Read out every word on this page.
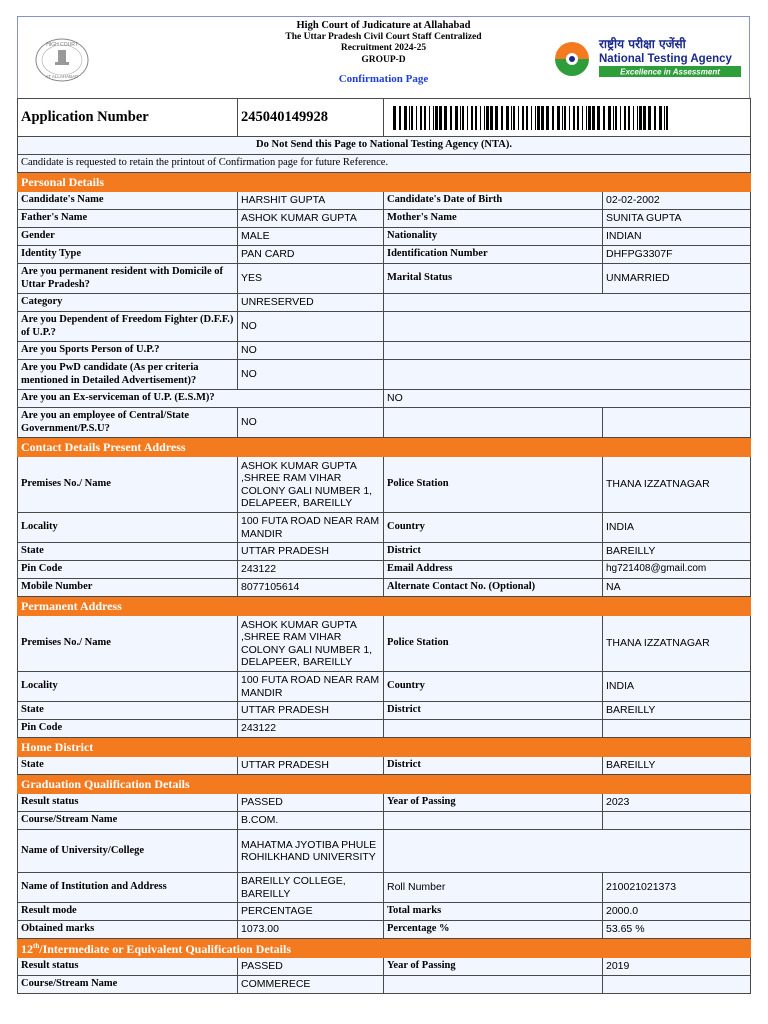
HIGH COURT
AT ALLAHABAD
High Court of Judicature at Allahabad
The Uttar Pradesh Civil Court Staff Centralized
Recruitment 2024-25
GROUP-D
Confirmation Page
राष्ट्रीय परीक्षा एजेंसी
National Testing Agency
Excellence in Assessment
Application Number	245040149928	

Do Not Send this Page to National Testing Agency (NTA).			
Candidate is requested to retain the printout of Confirmation page for future Reference.			
Personal Details			
Candidate's Name	HARSHIT GUPTA	Candidate's Date of Birth	02-02-2002
Father's Name	ASHOK KUMAR GUPTA	Mother's Name	SUNITA GUPTA
Gender	MALE	Nationality	INDIAN
Identity Type	PAN CARD	Identification Number	DHFPG3307F
Are you permanent resident with Domicile of Uttar Pradesh?	YES	Marital Status	UNMARRIED
Category	UNRESERVED		
Are you Dependent of Freedom Fighter (D.F.F.) of U.P.?	NO		
Are you Sports Person of U.P.?	NO		
Are you PwD candidate (As per criteria mentioned in Detailed Advertisement)?	NO		
Are you an Ex-serviceman of U.P. (E.S.M)?		NO	
Are you an employee of Central/State Government/P.S.U?	NO		
Contact Details Present Address			
Premises No./ Name	ASHOK KUMAR GUPTA ,SHREE RAM VIHAR COLONY GALI NUMBER 1, DELAPEER, BAREILLY	Police Station	THANA IZZATNAGAR
Locality	100 FUTA ROAD NEAR RAM MANDIR	Country	INDIA
State	UTTAR PRADESH	District	BAREILLY
Pin Code	243122	Email Address	hg721408@gmail.com
Mobile Number	8077105614	Alternate Contact No. (Optional)	NA
Permanent Address			
Premises No./ Name	ASHOK KUMAR GUPTA ,SHREE RAM VIHAR COLONY GALI NUMBER 1, DELAPEER, BAREILLY	Police Station	THANA IZZATNAGAR
Locality	100 FUTA ROAD NEAR RAM MANDIR	Country	INDIA
State	UTTAR PRADESH	District	BAREILLY
Pin Code	243122		
Home District			
State	UTTAR PRADESH	District	BAREILLY
Graduation Qualification Details			
Result status	PASSED	Year of Passing	2023
Course/Stream Name	B.COM.		
Name of University/College	MAHATMA JYOTIBA PHULE ROHILKHAND UNIVERSITY		
Name of Institution and Address	BAREILLY COLLEGE, BAREILLY	Roll Number	210021021373
Result mode	PERCENTAGE	Total marks	2000.0
Obtained marks	1073.00	Percentage %	53.65 %
12th/Intermediate or Equivalent Qualification Details			
Result status	PASSED	Year of Passing	2019
Course/Stream Name	COMMERECE		
